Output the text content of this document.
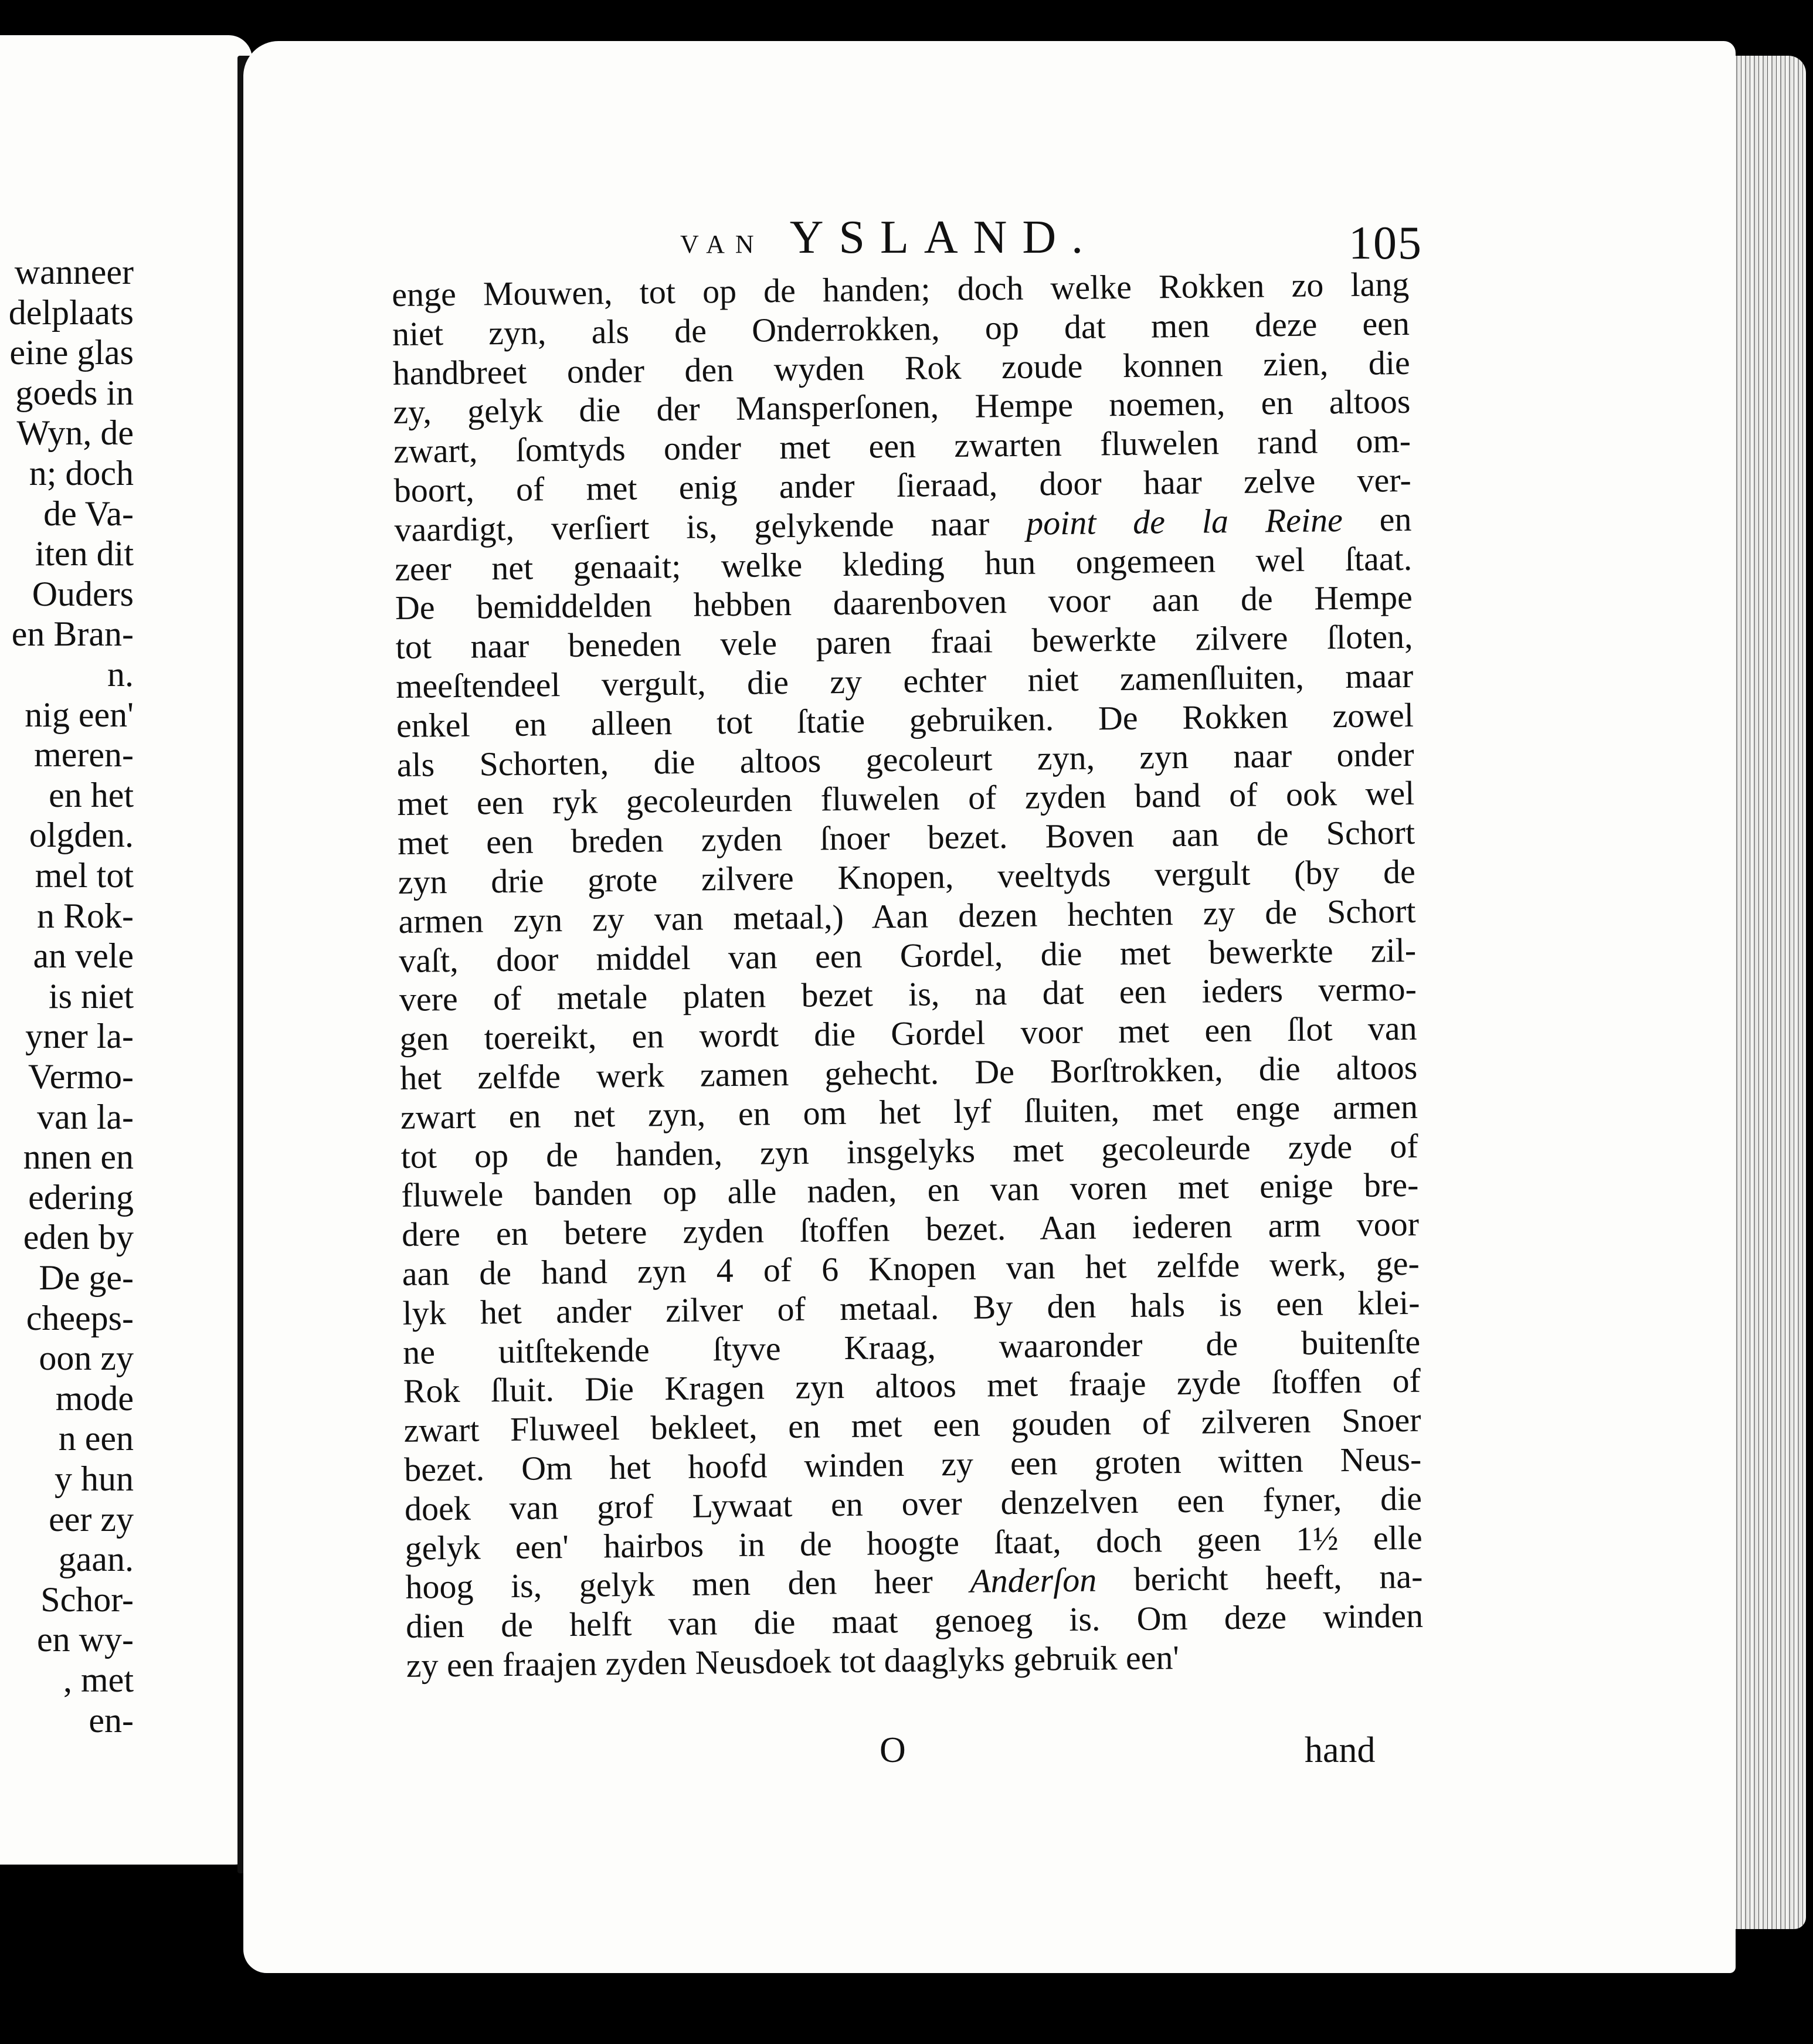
wanneer
delplaats
eine glas
goeds in
Wyn, de
n; doch
de Va-
iten dit
Ouders
en Bran-
n.
nig een'
meren-
en het
olgden.
mel tot
n Rok-
an vele
is niet
yner la-
Vermo-
van la-
nnen en
edering
eden by
De ge-
cheeps-
oon zy
mode
n een
y hun
eer zy
gaan.
Schor-
en wy-
, met
en-
VAN YSLAND.	105
enge Mouwen, tot op de handen; doch welke Rokken zo lang
niet zyn, als de Onderrokken, op dat men deze een
handbreet onder den wyden Rok zoude konnen zien, die
zy, gelyk die der Mansperſonen, Hempe noemen, en altoos
zwart, ſomtyds onder met een zwarten fluwelen rand om-
boort, of met enig ander ſieraad, door haar zelve ver-
vaardigt, verſiert is, gelykende naar point de la Reine en
zeer net genaait; welke kleding hun ongemeen wel ſtaat.
De bemiddelden hebben daarenboven voor aan de Hempe
tot naar beneden vele paren fraai bewerkte zilvere ſloten,
meeſtendeel vergult, die zy echter niet zamenſluiten, maar
enkel en alleen tot ſtatie gebruiken. De Rokken zowel
als Schorten, die altoos gecoleurt zyn, zyn naar onder
met een ryk gecoleurden fluwelen of zyden band of ook wel
met een breden zyden ſnoer bezet. Boven aan de Schort
zyn drie grote zilvere Knopen, veeltyds vergult (by de
armen zyn zy van metaal,) Aan dezen hechten zy de Schort
vaſt, door middel van een Gordel, die met bewerkte zil-
vere of metale platen bezet is, na dat een ieders vermo-
gen toereikt, en wordt die Gordel voor met een ſlot van
het zelfde werk zamen gehecht. De Borſtrokken, die altoos
zwart en net zyn, en om het lyf ſluiten, met enge armen
tot op de handen, zyn insgelyks met gecoleurde zyde of
fluwele banden op alle naden, en van voren met enige bre-
dere en betere zyden ſtoffen bezet. Aan iederen arm voor
aan de hand zyn 4 of 6 Knopen van het zelfde werk, ge-
lyk het ander zilver of metaal. By den hals is een klei-
ne uitſtekende ſtyve Kraag, waaronder de buitenſte
Rok ſluit. Die Kragen zyn altoos met fraaje zyde ſtoffen of
zwart Fluweel bekleet, en met een gouden of zilveren Snoer
bezet. Om het hoofd winden zy een groten witten Neus-
doek van grof Lywaat en over denzelven een fyner, die
gelyk een' hairbos in de hoogte ſtaat, doch geen 1½ elle
hoog is, gelyk men den heer Anderſon bericht heeft, na-
dien de helft van die maat genoeg is. Om deze winden
zy een fraajen zyden Neusdoek tot daaglyks gebruik een'
O	hand
